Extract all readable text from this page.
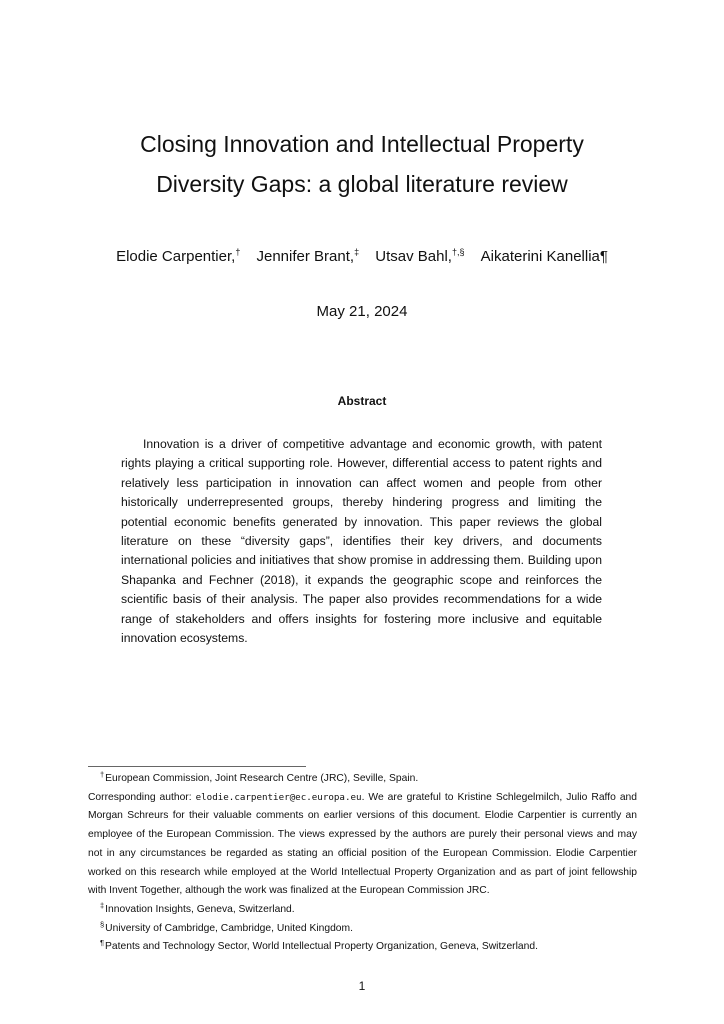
Closing Innovation and Intellectual Property
Diversity Gaps: a global literature review
Elodie Carpentier,† Jennifer Brant,‡ Utsav Bahl,†,§ Aikaterini Kanellia¶
May 21, 2024
Abstract

Innovation is a driver of competitive advantage and economic growth, with patent rights playing a critical supporting role. However, differential access to patent rights and relatively less participation in innovation can affect women and people from other historically underrepresented groups, thereby hindering progress and limiting the potential economic benefits generated by innovation. This paper reviews the global literature on these “diversity gaps”, identifies their key drivers, and documents international policies and initiatives that show promise in addressing them. Building upon Shapanka and Fechner (2018), it expands the geographic scope and reinforces the scientific basis of their analysis. The paper also provides recommendations for a wide range of stakeholders and offers insights for fostering more inclusive and equitable innovation ecosystems.

†European Commission, Joint Research Centre (JRC), Seville, Spain.

Corresponding author: elodie.carpentier@ec.europa.eu. We are grateful to Kristine Schlegelmilch, Julio Raffo and Morgan Schreurs for their valuable comments on earlier versions of this document. Elodie Carpentier is currently an employee of the European Commission. The views expressed by the authors are purely their personal views and may not in any circumstances be regarded as stating an official position of the European Commission. Elodie Carpentier worked on this research while employed at the World Intellectual Property Organization and as part of joint fellowship with Invent Together, although the work was finalized at the European Commission JRC.

‡Innovation Insights, Geneva, Switzerland.

§University of Cambridge, Cambridge, United Kingdom.

¶Patents and Technology Sector, World Intellectual Property Organization, Geneva, Switzerland.

1
